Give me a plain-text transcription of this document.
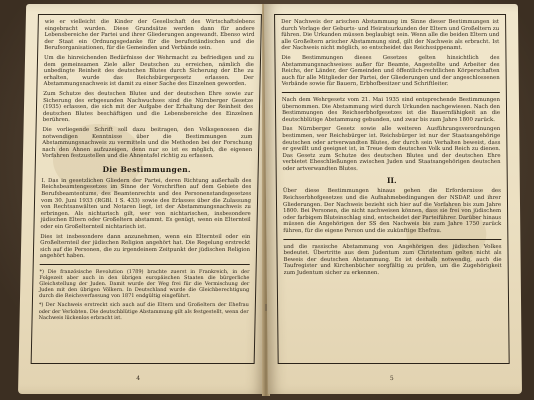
wie er vielleicht die Kinder der Gesellschaft des Wirtschaftslebens eingebracht wurden. Diese Grundsätze werden dann für andere Lebensbereiche der Partei und ihrer Gliederungen angewandt. Ebenso wird der Staat ein Ordnungsgedanke für die berufsständischen und die Berufsorganisationen, für die Gemeinden und Verbände sein.

Um die hinreichenden Bedürfnisse der Wehrmacht zu befriedigen und zu dem gemeinsamen Ziele aller Deutschen zu erreichen, nämlich die unbedingte Reinheit des deutschen Blutes durch Sicherung der Ehe zu erhalten, wurde das Reichsbürgergesetz erlassen. Der Abstammungsnachweis ist damit zu einer Sache des Einzelnen geworden.

Zum Schutze des deutschen Blutes und der deutschen Ehre sowie zur Sicherung des erbgesunden Nachwuchses sind die Nürnberger Gesetze (1935) erlassen, die sich mit der Aufgabe der Erhaltung der Reinheit des deutschen Blutes beschäftigen und die Lebensbereiche des Einzelnen berühren.

Die vorliegende Schrift soll dazu beitragen, den Volksgenossen die notwendigen Kenntnisse über die Bestimmungen zum Abstammungsnachweis zu vermitteln und die Methoden bei der Forschung nach den Ahnen aufzuzeigen, denn nur so ist es möglich, die eigenen Vorfahren festzustellen und die Ahnentafel richtig zu erfassen.

Die Bestimmungen.

I. Das in gesetzlichen Gliedern der Partei, deren Richtung außerhalb des Reichsbeamtengesetzes im Sinne der Vorschriften auf dem Gebiete des Berufsbeamtentums, des Beamtenrechts und des Personenstandsgesetzes vom 30. Juni 1933 (RGBl. I S. 433) sowie des Erlasses über die Zulassung von Rechtsanwälten und Notaren liegt, ist der Abstammungsnachweis zu erbringen. Als nichtarisch gilt, wer von nichtarischen, insbesondere jüdischen Eltern oder Großeltern abstammt. Es genügt, wenn ein Elternteil oder ein Großelternteil nichtarisch ist.

Dies ist insbesondere dann anzunehmen, wenn ein Elternteil oder ein Großelternteil der jüdischen Religion angehört hat. Die Regelung erstreckt sich auf die Personen, die zu irgendeinem Zeitpunkt der jüdischen Religion angehört haben.

*) Die französische Revolution (1789) brachte zuerst in Frankreich, in der Folgezeit aber auch in den übrigen europäischen Staaten die bürgerliche Gleichstellung der Juden. Damit wurde der Weg frei für die Vermischung der Juden mit den übrigen Völkern. In Deutschland wurde die Gleichberechtigung durch die Reichsverfassung von 1871 endgültig eingeführt.

*) Der Nachweis erstreckt sich auch auf die Eltern und Großeltern der Ehefrau oder der Verlobten. Die deutschblütige Abstammung gilt als festgestellt, wenn der Nachweis lückenlos erbracht ist.

4

Der Nachweis der arischen Abstammung im Sinne dieser Bestimmungen ist durch Vorlage der Geburts- und Heiratsurkunden der Eltern und Großeltern zu führen. Die Urkunden müssen beglaubigt sein. Wenn alle die beiden Eltern und alle Großeltern arischer Abstammung sind, gilt der Nachweis als erbracht. Ist der Nachweis nicht möglich, so entscheidet das Reichssippenamt.

Die Bestimmungen dieses Gesetzes gelten hinsichtlich des Abstammungsnachweises außer für Beamte, Angestellte und Arbeiter des Reichs, der Länder, der Gemeinden und öffentlich-rechtlichen Körperschaften auch für alle Mitglieder der Partei, der Gliederungen und der angeschlossenen Verbände sowie für Bauern, Erbhofbesitzer und Schriftleiter.

Nach dem Wehrgesetz vom 21. Mai 1935 sind entsprechende Bestimmungen übernommen. Die Abstammung wird durch Urkunden nachgewiesen. Nach den Bestimmungen des Reichserbhofgesetzes ist die Bauernfähigkeit an die deutschblütige Abstammung gebunden, und zwar bis zum Jahre 1800 zurück.

Das Nürnberger Gesetz sowie alle weiteren Ausführungsverordnungen bestimmen, wer Reichsbürger ist. Reichsbürger ist nur der Staatsangehörige deutschen oder artverwandten Blutes, der durch sein Verhalten beweist, dass er gewillt und geeignet ist, in Treue dem deutschen Volk und Reich zu dienen. Das Gesetz zum Schutze des deutschen Blutes und der deutschen Ehre verbietet Eheschließungen zwischen Juden und Staatsangehörigen deutschen oder artverwandten Blutes.

II.

Über diese Bestimmungen hinaus gehen die Erfordernisse des Reichserbhofgesetzes und die Aufnahmebedingungen der NSDAP. und ihrer Gliederungen. Der Nachweis bezieht sich hier auf die Vorfahren bis zum Jahre 1800. Bei Personen, die nicht nachweisen können, dass sie frei von jüdischem oder farbigem Bluteinschlag sind, entscheidet der Parteiführer. Darüber hinaus müssen die Angehörigen der SS den Nachweis bis zum Jahre 1750 zurück führen, für die eigene Person und die zukünftige Ehefrau.

und die rassische Abstammung von Angehörigen des jüdischen Volkes bedeutet. Übertritte aus dem Judentum zum Christentum gelten nicht als Beweis der deutschen Abstammung. Es ist deshalb notwendig, auch die Taufregister und Kirchenbücher sorgfältig zu prüfen, um die Zugehörigkeit zum Judentum sicher zu erkennen.

5
